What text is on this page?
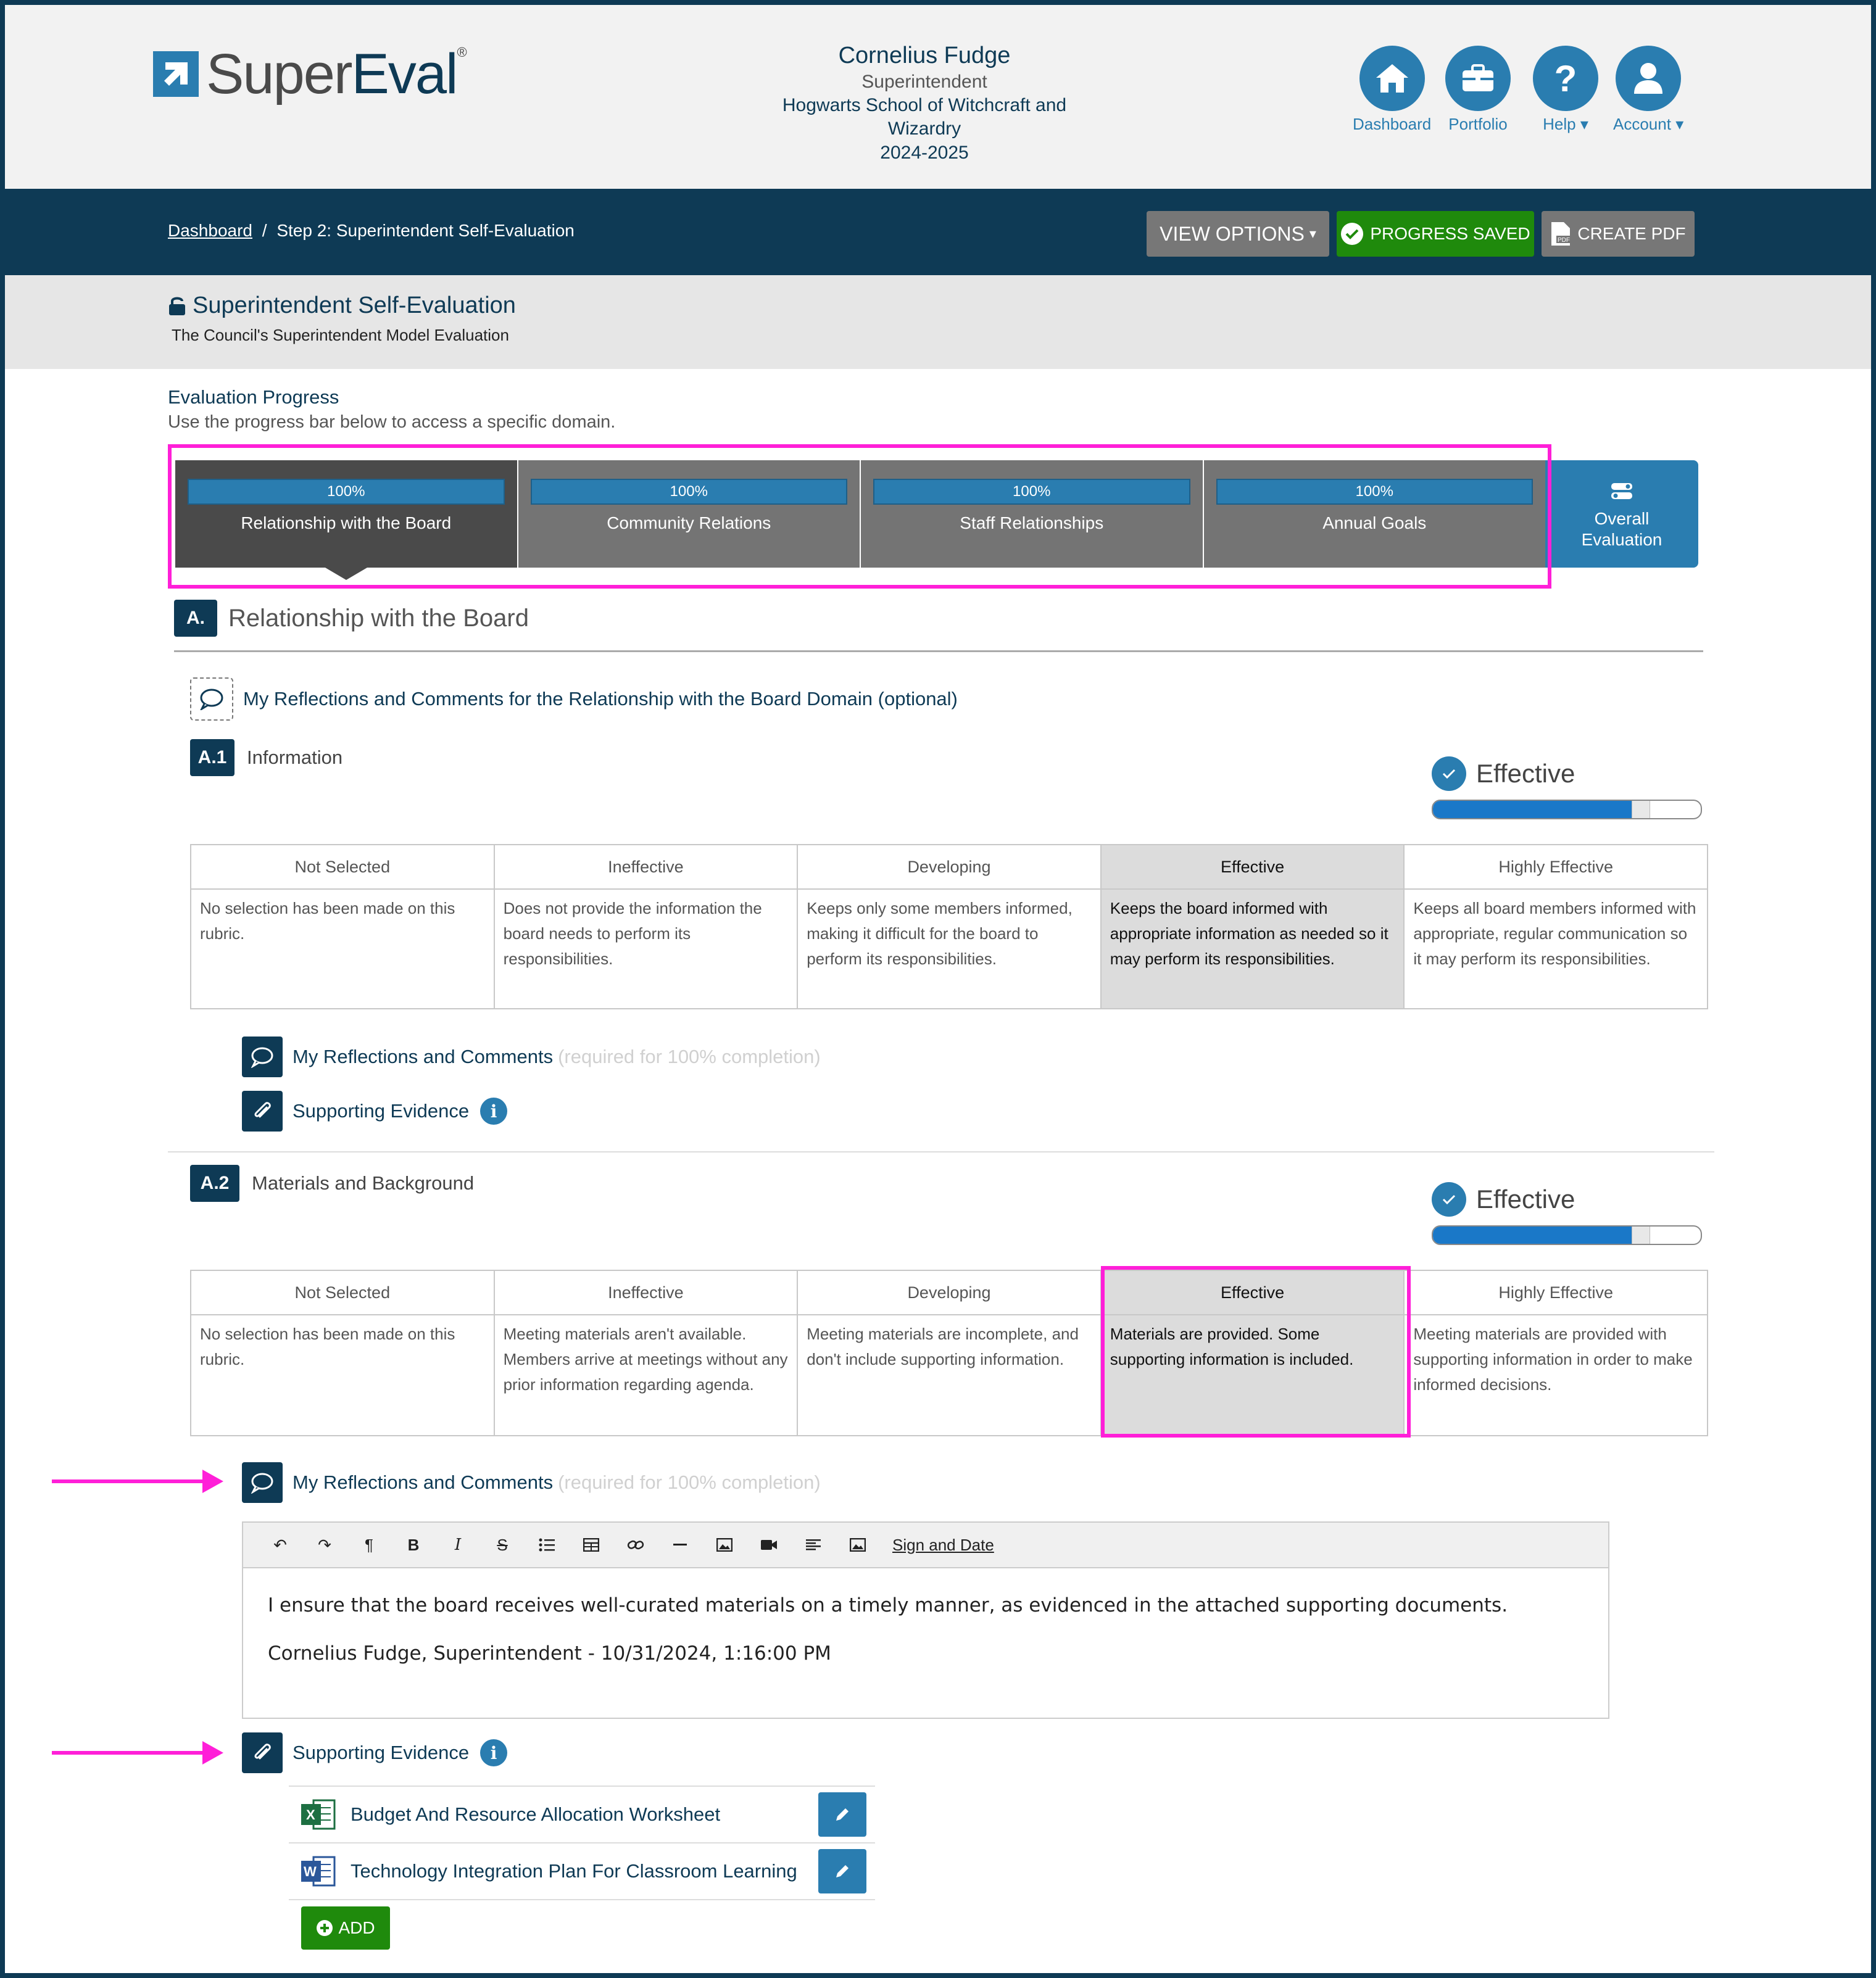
SuperEval®	Cornelius Fudge
Superintendent
Hogwarts School of Witchcraft and
Wizardry
2024-2025
Dashboard Portfolio
?
Help ▾	Account ▾
Dashboard / Step 2: Superintendent Self-Evaluation	VIEW OPTIONS ▾	PROGRESS SAVED	PDF CREATE PDF
Superintendent Self-Evaluation
The Council's Superintendent Model Evaluation
Evaluation Progress
Use the progress bar below to access a specific domain.
100%
Relationship with the Board
100%
Community Relations
100%
Staff Relationships
100%
Annual Goals	Overall
Evaluation
A. Relationship with the Board
My Reflections and Comments for the Relationship with the Board Domain (optional)
A.1	Information
Effective
Not Selected	Ineffective	Developing	Effective	Highly Effective
No selection has been made on this rubric.	Does not provide the information the board needs to perform its responsibilities.	Keeps only some members informed, making it difficult for the board to perform its responsibilities.	Keeps the board informed with appropriate information as needed so it may perform its responsibilities.	Keeps all board members informed with appropriate, regular communication so it may perform its responsibilities.
My Reflections and Comments (required for 100% completion)
Supporting Evidence	i
A.2	Materials and Background
Effective
Not Selected	Ineffective	Developing	Effective	Highly Effective
No selection has been made on this rubric.	Meeting materials aren't available. Members arrive at meetings without any prior information regarding agenda.	Meeting materials are incomplete, and don't include supporting information.	Materials are provided. Some supporting information is included.	Meeting materials are provided with supporting information in order to make informed decisions.
My Reflections and Comments (required for 100% completion)
↶	↷	¶	B	I	S	Sign and Date

I ensure that the board receives well-curated materials on a timely manner, as evidenced in the attached supporting documents.

Cornelius Fudge, Superintendent - 10/31/2024, 1:16:00 PM

Supporting Evidence	i
X Budget And Resource Allocation Worksheet
W Technology Integration Plan For Classroom Learning
ADD
